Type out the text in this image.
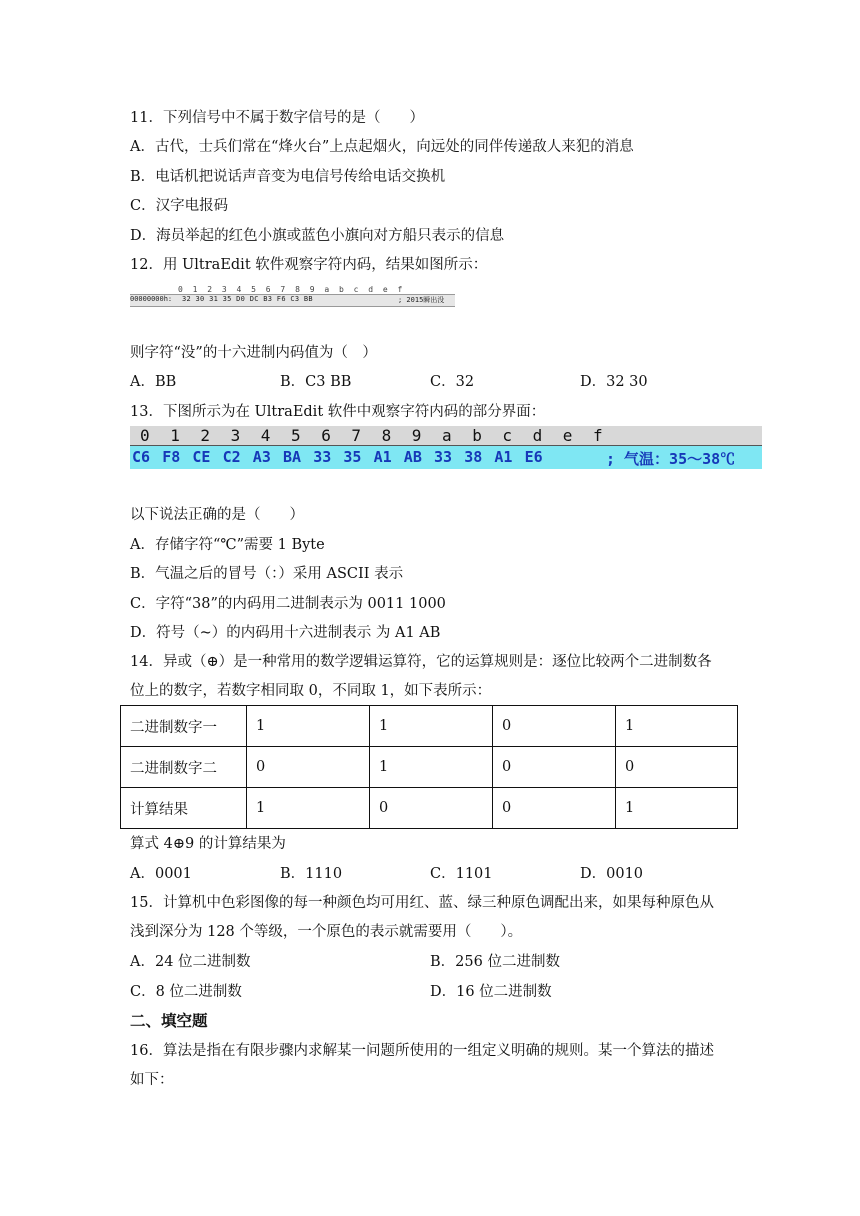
11．下列信号中不属于数字信号的是（　　）
A．古代，士兵们常在“烽火台”上点起烟火，向远处的同伴传递敌人来犯的消息
B．电话机把说话声音变为电信号传给电话交换机
C．汉字电报码
D．海员举起的红色小旗或蓝色小旗向对方船只表示的信息
12．用 UltraEdit 软件观察字符内码，结果如图所示：
0 1 2 3 4 5 6 7 8 9 a b c d e f
00000000h: 32 30 31 35 D0 DC B3 F6 C3 BB	; 2015瞬出没
则字符“没”的十六进制内码值为（　）
A．BB	B．C3 BB	C．32	D．32 30
13．下图所示为在 UltraEdit 软件中观察字符内码的部分界面：
0 1 2 3 4 5 6 7 8 9 a b c d e f
; 气温：35～38℃
C6 F8 CE C2 A3 BA 33 35 A1 AB 33 38 A1 E6
以下说法正确的是（　　）
A．存储字符“℃”需要 1 Byte
B．气温之后的冒号（：）采用 ASCII 表示
C．字符“38”的内码用二进制表示为 0011 1000
D．符号（~）的内码用十六进制表示 为 A1 AB
14．异或（⊕）是一种常用的数学逻辑运算符，它的运算规则是：逐位比较两个二进制数各
位上的数字，若数字相同取 0，不同取 1，如下表所示：
二进制数字一	1	1	0	1
二进制数字二	0	1	0	0
计算结果	1	0	0	1
算式 4⊕9 的计算结果为
A．0001	B．1110	C．1101	D．0010
15．计算机中色彩图像的每一种颜色均可用红、蓝、绿三种原色调配出来，如果每种原色从
浅到深分为 128 个等级，一个原色的表示就需要用（　　）。
A．24 位二进制数	B．256 位二进制数
C．8 位二进制数	D．16 位二进制数
二、填空题
16．算法是指在有限步骤内求解某一问题所使用的一组定义明确的规则。某一个算法的描述
如下：
